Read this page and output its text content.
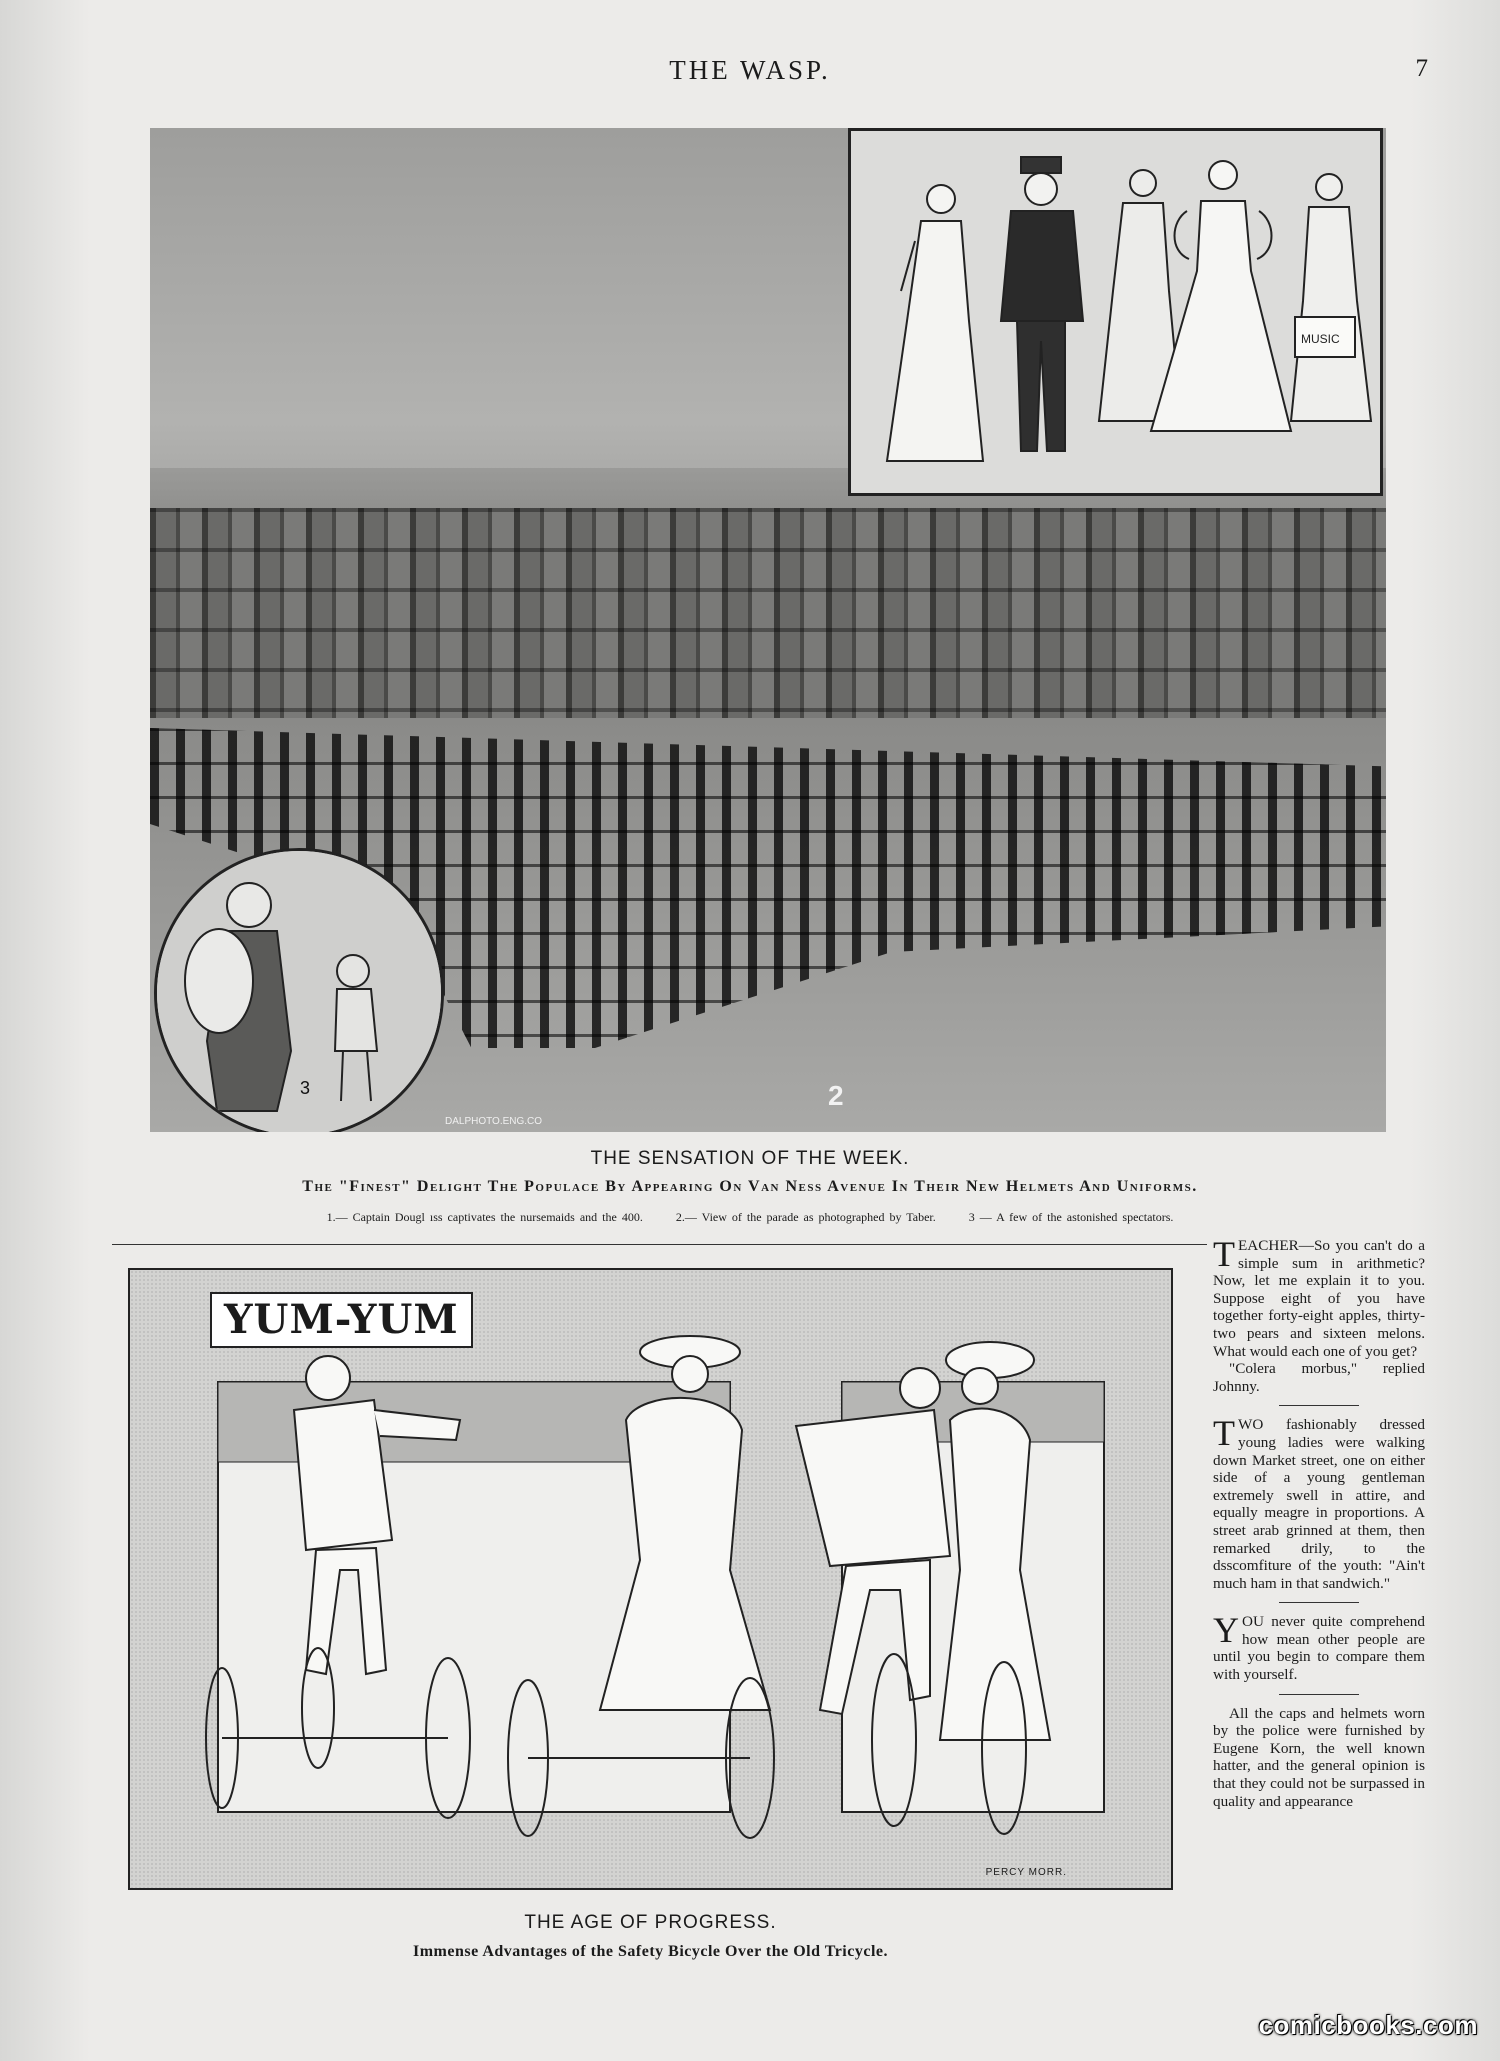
THE WASP.	7
MUSIC
2
DALPHOTO.ENG.CO
3
THE SENSATION OF THE WEEK.
The "Finest" Delight The Populace By Appearing On Van Ness Avenue In Their New Helmets And Uniforms.
1.— Captain Dougl ıss captivates the nursemaids and the 400.	2.— View of the parade as photographed by Taber.	3 — A few of the astonished spectators.
YUM-YUM
PERCY MORR.
THE AGE OF PROGRESS.
Immense Advantages of the Safety Bicycle Over the Old Tricycle.
T EACHER—So you can't do a simple sum in arithmetic? Now, let me explain it to you. Suppose eight of you have together forty-eight apples, thirty-two pears and sixteen melons. What would each one of you get?

"Colera morbus," replied Johnny.

T WO fashionably dressed young ladies were walking down Market street, one on either side of a young gentleman extremely swell in attire, and equally meagre in proportions. A street arab grinned at them, then remarked drily, to the dsscomfiture of the youth: "Ain't much ham in that sandwich."

Y OU never quite comprehend how mean other people are until you begin to compare them with yourself.

All the caps and helmets worn by the police were furnished by Eugene Korn, the well known hatter, and the general opinion is that they could not be surpassed in quality and appearance

comicbooks.com
